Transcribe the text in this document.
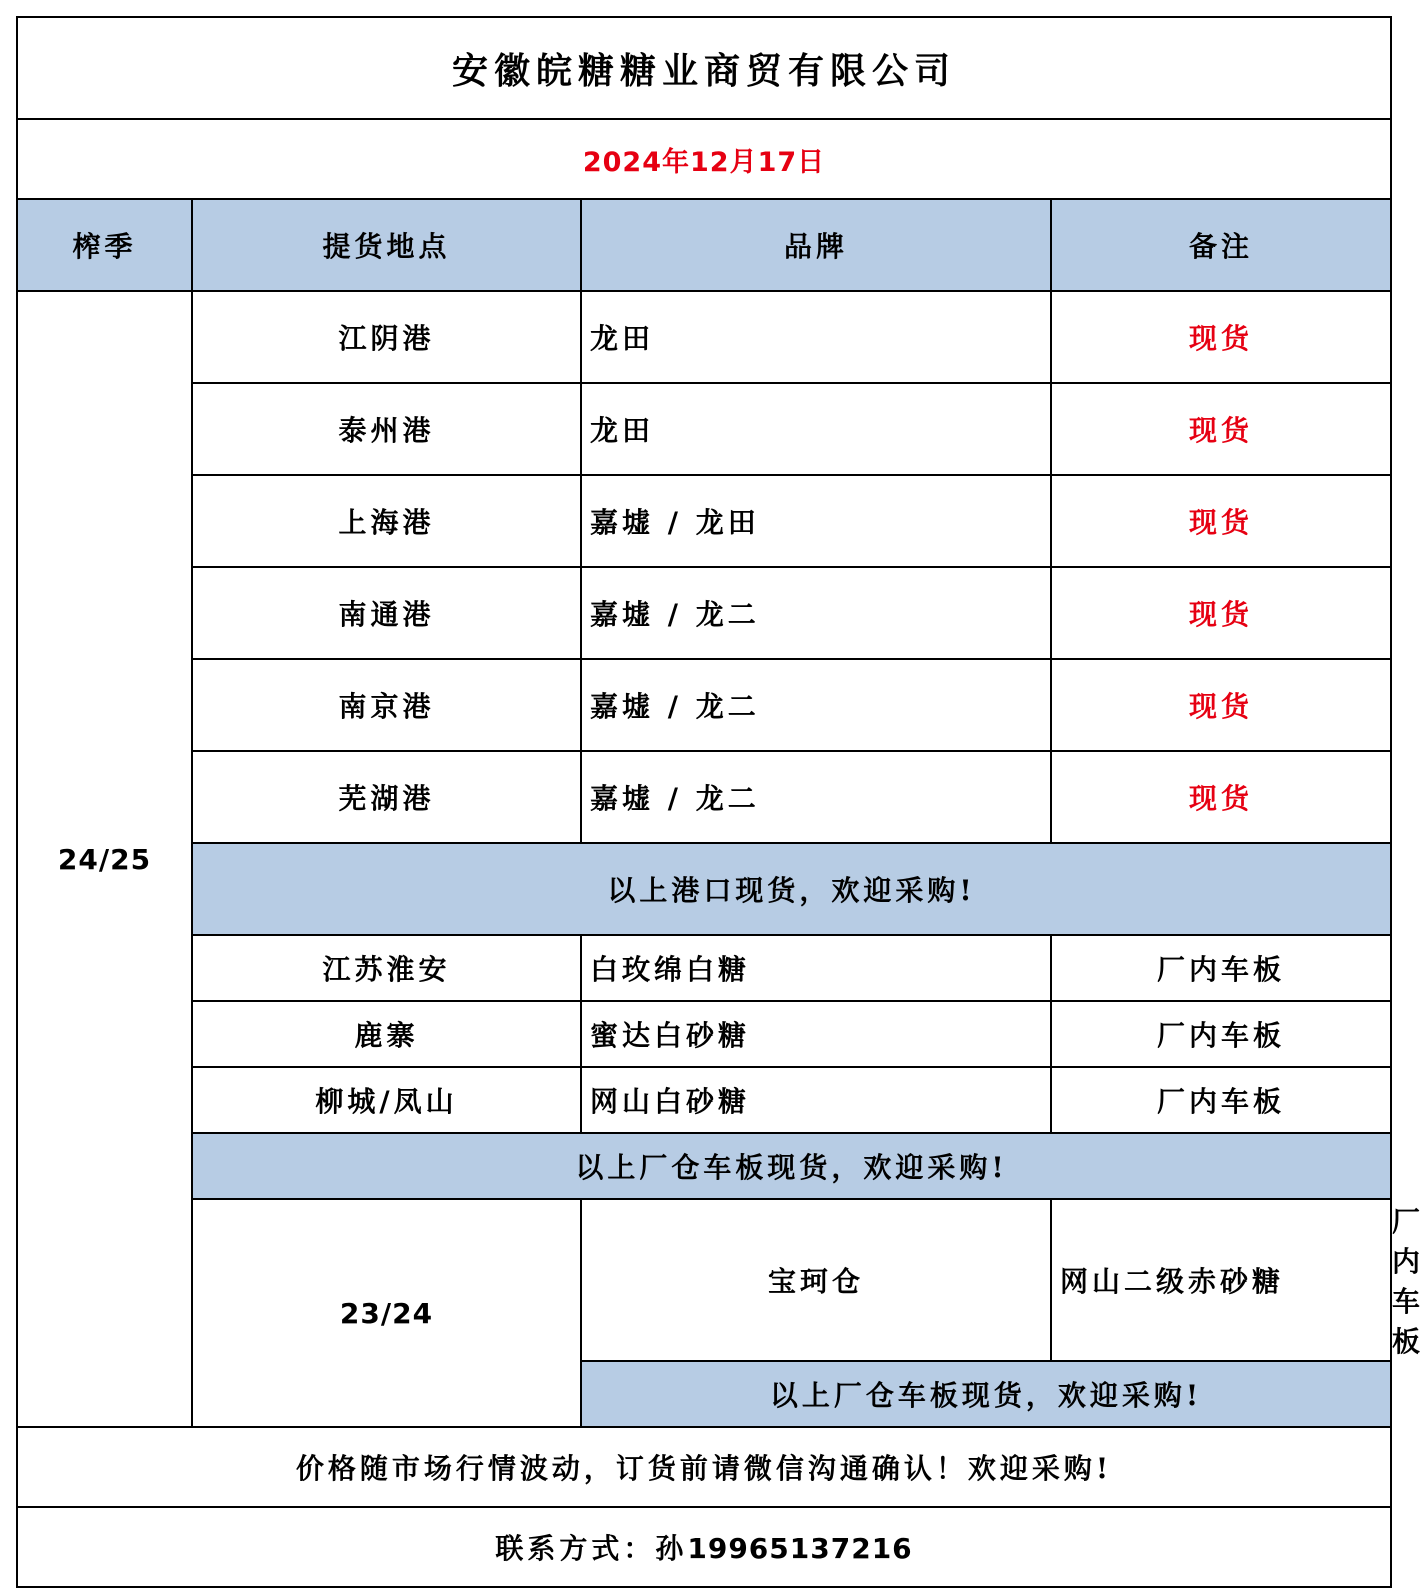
安徽皖糖糖业商贸有限公司				
2024年12月17日				
榨季	提货地点	品牌	备注	
24/25	江阴港	龙田	现货	
	泰州港	龙田	现货	
	上海港	嘉墟 / 龙田	现货	
	南通港	嘉墟 / 龙二	现货	
	南京港	嘉墟 / 龙二	现货	
	芜湖港	嘉墟 / 龙二	现货	
	以上港口现货，欢迎采购!			
	江苏淮安	白玫绵白糖	厂内车板	
	鹿寨	蜜达白砂糖	厂内车板	
	柳城/凤山	网山白砂糖	厂内车板	
	以上厂仓车板现货，欢迎采购!			
	23/24	宝珂仓	网山二级赤砂糖	厂内车板
		以上厂仓车板现货，欢迎采购!		
价格随市场行情波动，订货前请微信沟通确认！欢迎采购!				
联系方式：孙19965137216				
